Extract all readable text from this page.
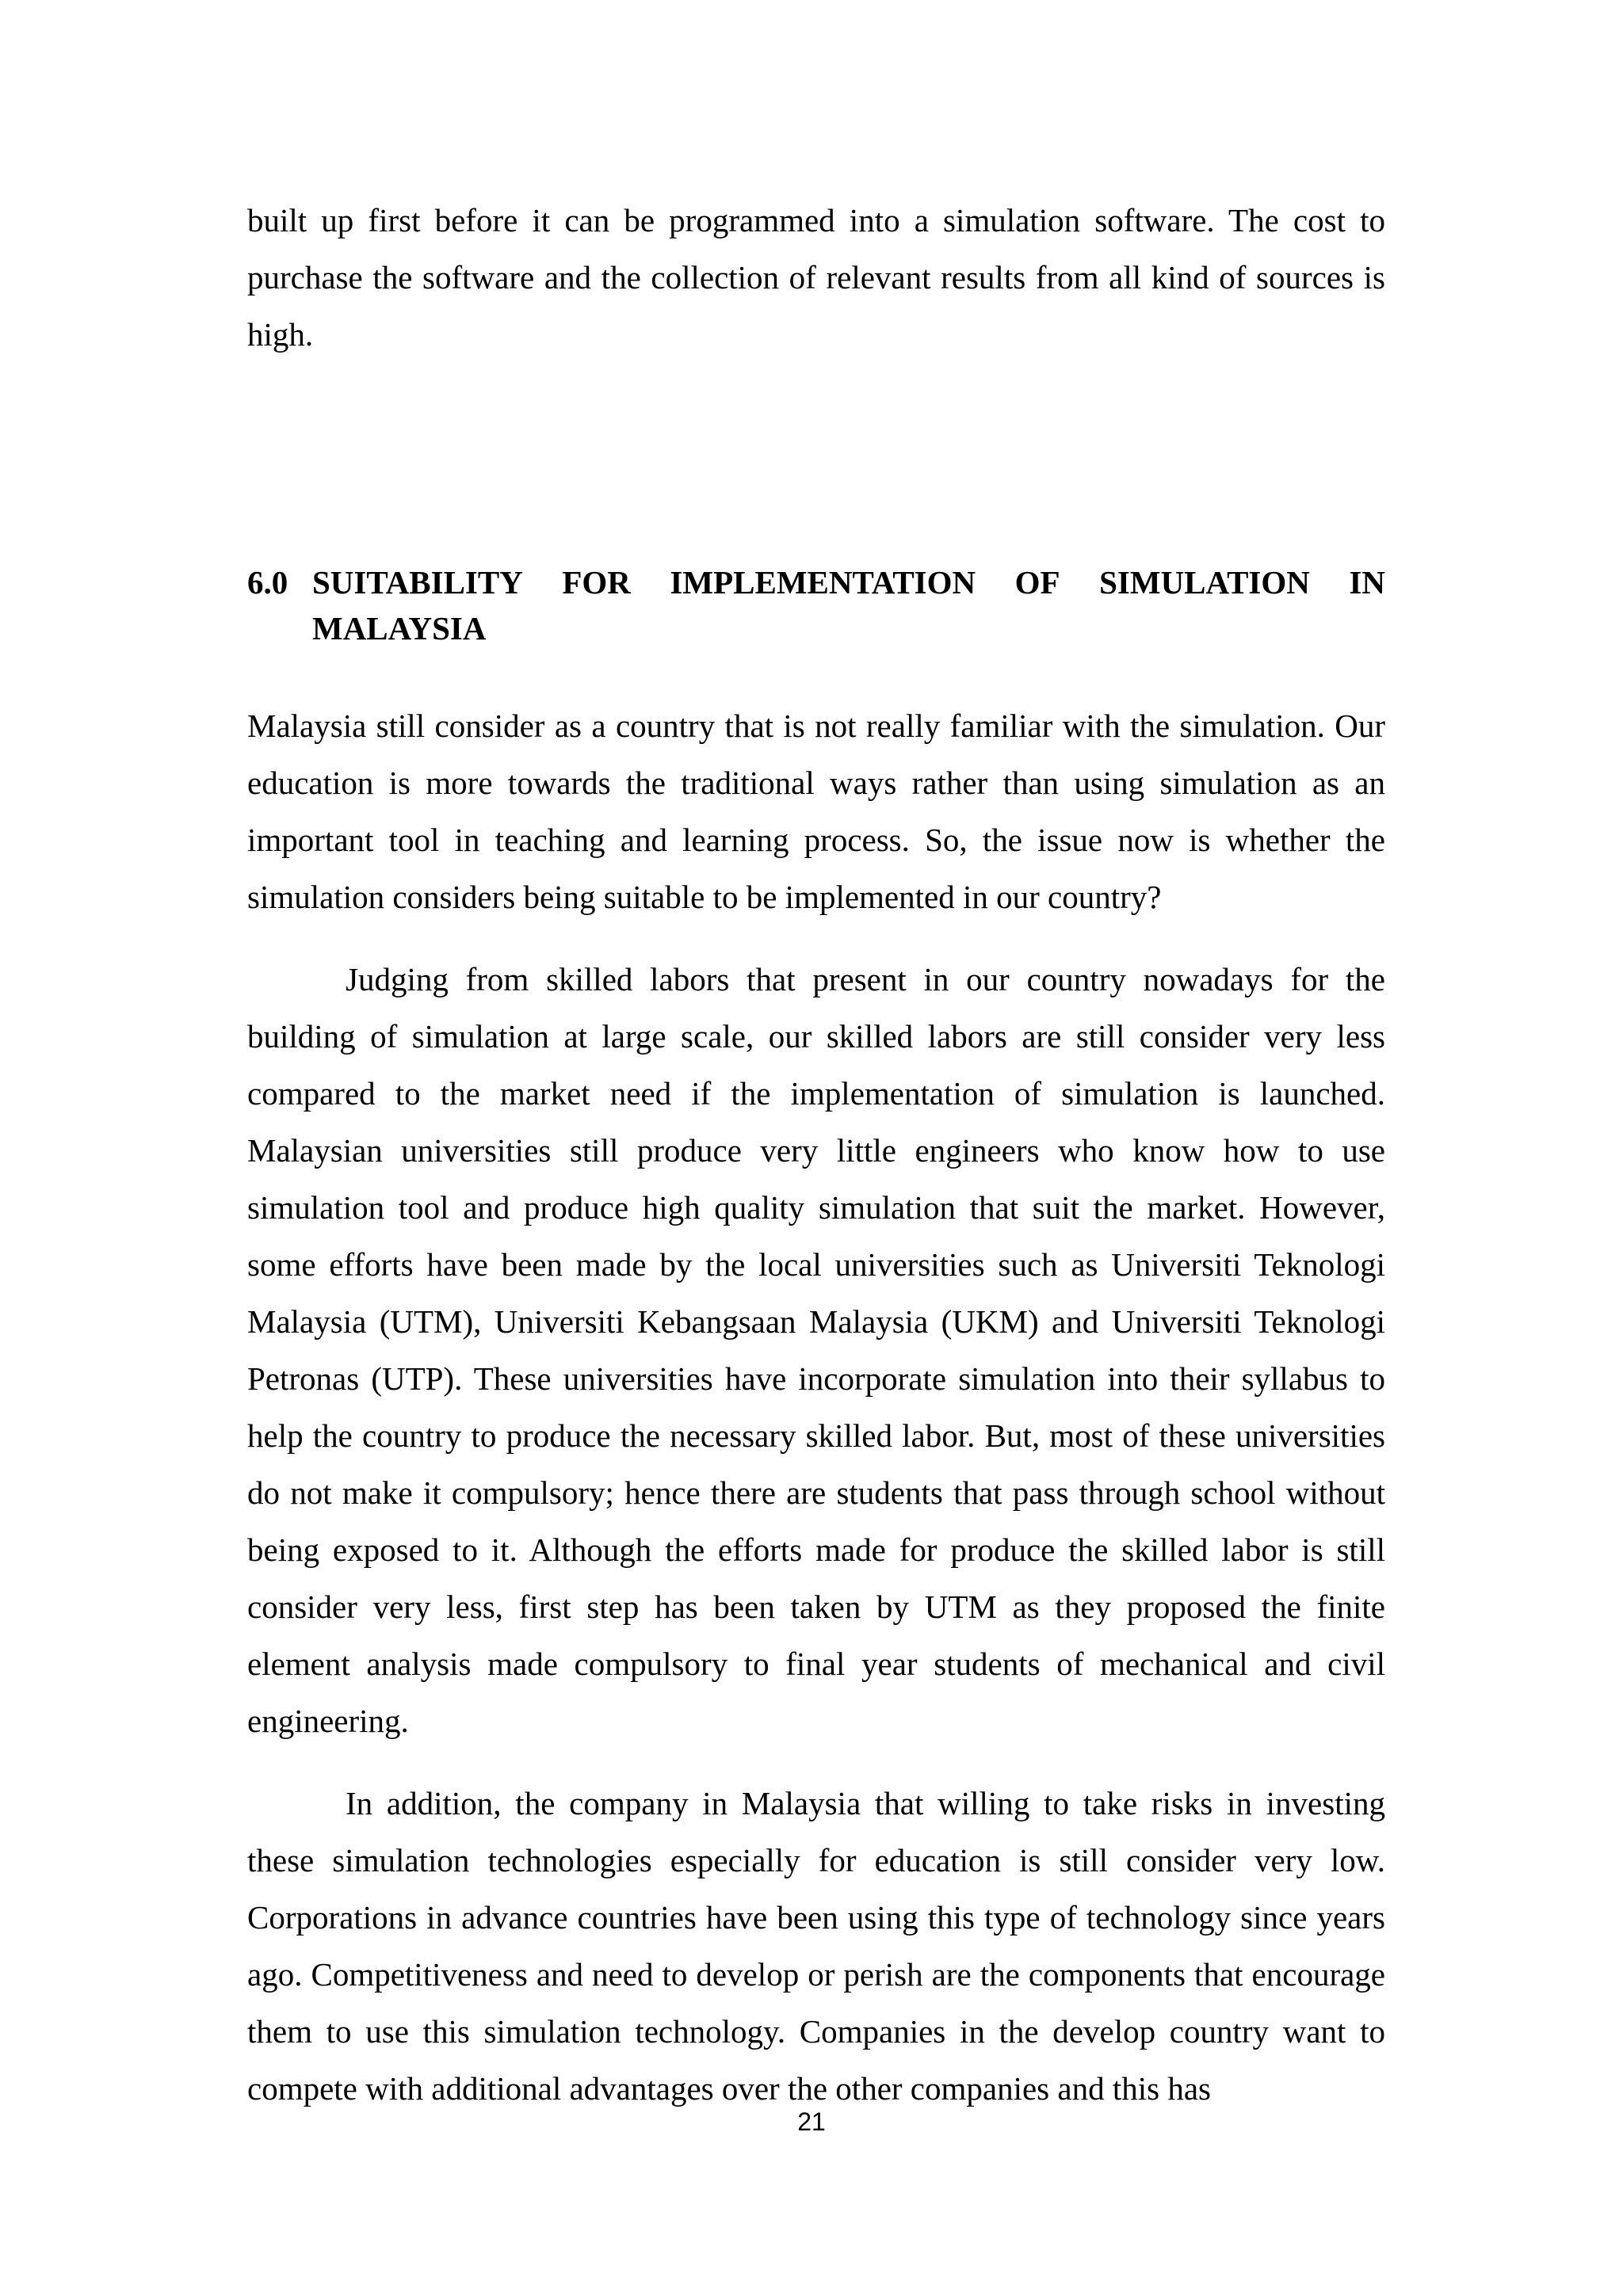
built up first before it can be programmed into a simulation software. The cost to purchase the software and the collection of relevant results from all kind of sources is high.

6.0 SUITABILITY FOR IMPLEMENTATION OF SIMULATION IN
MALAYSIA

Malaysia still consider as a country that is not really familiar with the simulation. Our education is more towards the traditional ways rather than using simulation as an important tool in teaching and learning process. So, the issue now is whether the simulation considers being suitable to be implemented in our country?

Judging from skilled labors that present in our country nowadays for the building of simulation at large scale, our skilled labors are still consider very less compared to the market need if the implementation of simulation is launched. Malaysian universities still produce very little engineers who know how to use simulation tool and produce high quality simulation that suit the market. However, some efforts have been made by the local universities such as Universiti Teknologi Malaysia (UTM), Universiti Kebangsaan Malaysia (UKM) and Universiti Teknologi Petronas (UTP). These universities have incorporate simulation into their syllabus to help the country to produce the necessary skilled labor. But, most of these universities do not make it compulsory; hence there are students that pass through school without being exposed to it. Although the efforts made for produce the skilled labor is still consider very less, first step has been taken by UTM as they proposed the finite element analysis made compulsory to final year students of mechanical and civil engineering.

In addition, the company in Malaysia that willing to take risks in investing these simulation technologies especially for education is still consider very low. Corporations in advance countries have been using this type of technology since years ago. Competitiveness and need to develop or perish are the components that encourage them to use this simulation technology. Companies in the develop country want to compete with additional advantages over the other companies and this has

21
